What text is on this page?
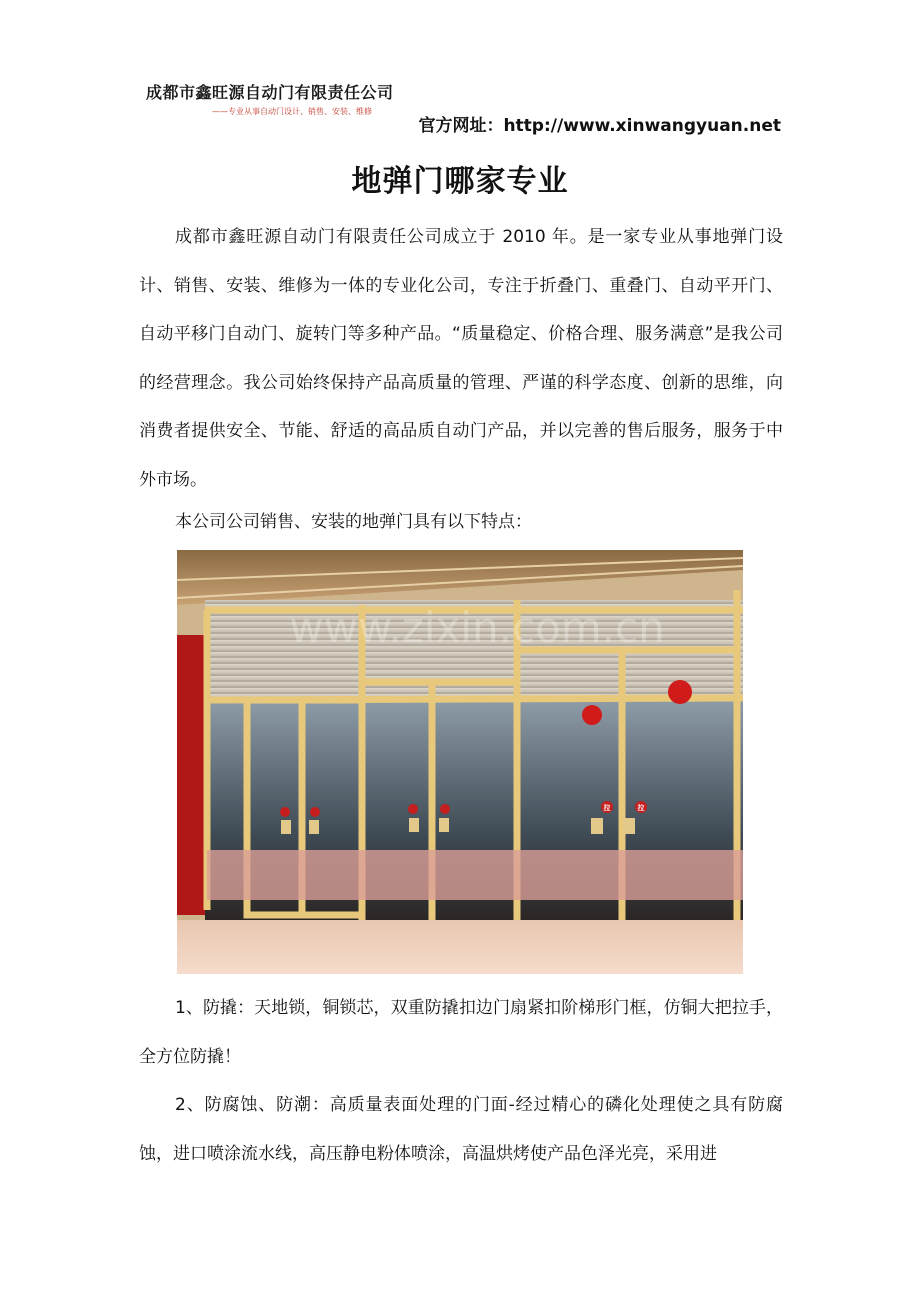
成都市鑫旺源自动门有限责任公司
——专业从事自动门设计、销售、安装、维修
官方网址：http://www.xinwangyuan.net
地弹门哪家专业

成都市鑫旺源自动门有限责任公司成立于 2010 年。是一家专业从事地弹门设计、销售、安装、维修为一体的专业化公司，专注于折叠门、重叠门、自动平开门、自动平移门自动门、旋转门等多种产品。“质量稳定、价格合理、服务满意”是我公司的经营理念。我公司始终保持产品高质量的管理、严谨的科学态度、创新的思维，向消费者提供安全、节能、舒适的高品质自动门产品，并以完善的售后服务，服务于中外市场。

本公司公司销售、安装的地弹门具有以下特点：

拉	拉
www.zixin.com.cn

1、防撬：天地锁，铜锁芯，双重防撬扣边门扇紧扣阶梯形门框，仿铜大把拉手，全方位防撬！

2、防腐蚀、防潮：高质量表面处理的门面-经过精心的磷化处理使之具有防腐蚀，进口喷涂流水线，高压静电粉体喷涂，高温烘烤使产品色泽光亮，采用进
